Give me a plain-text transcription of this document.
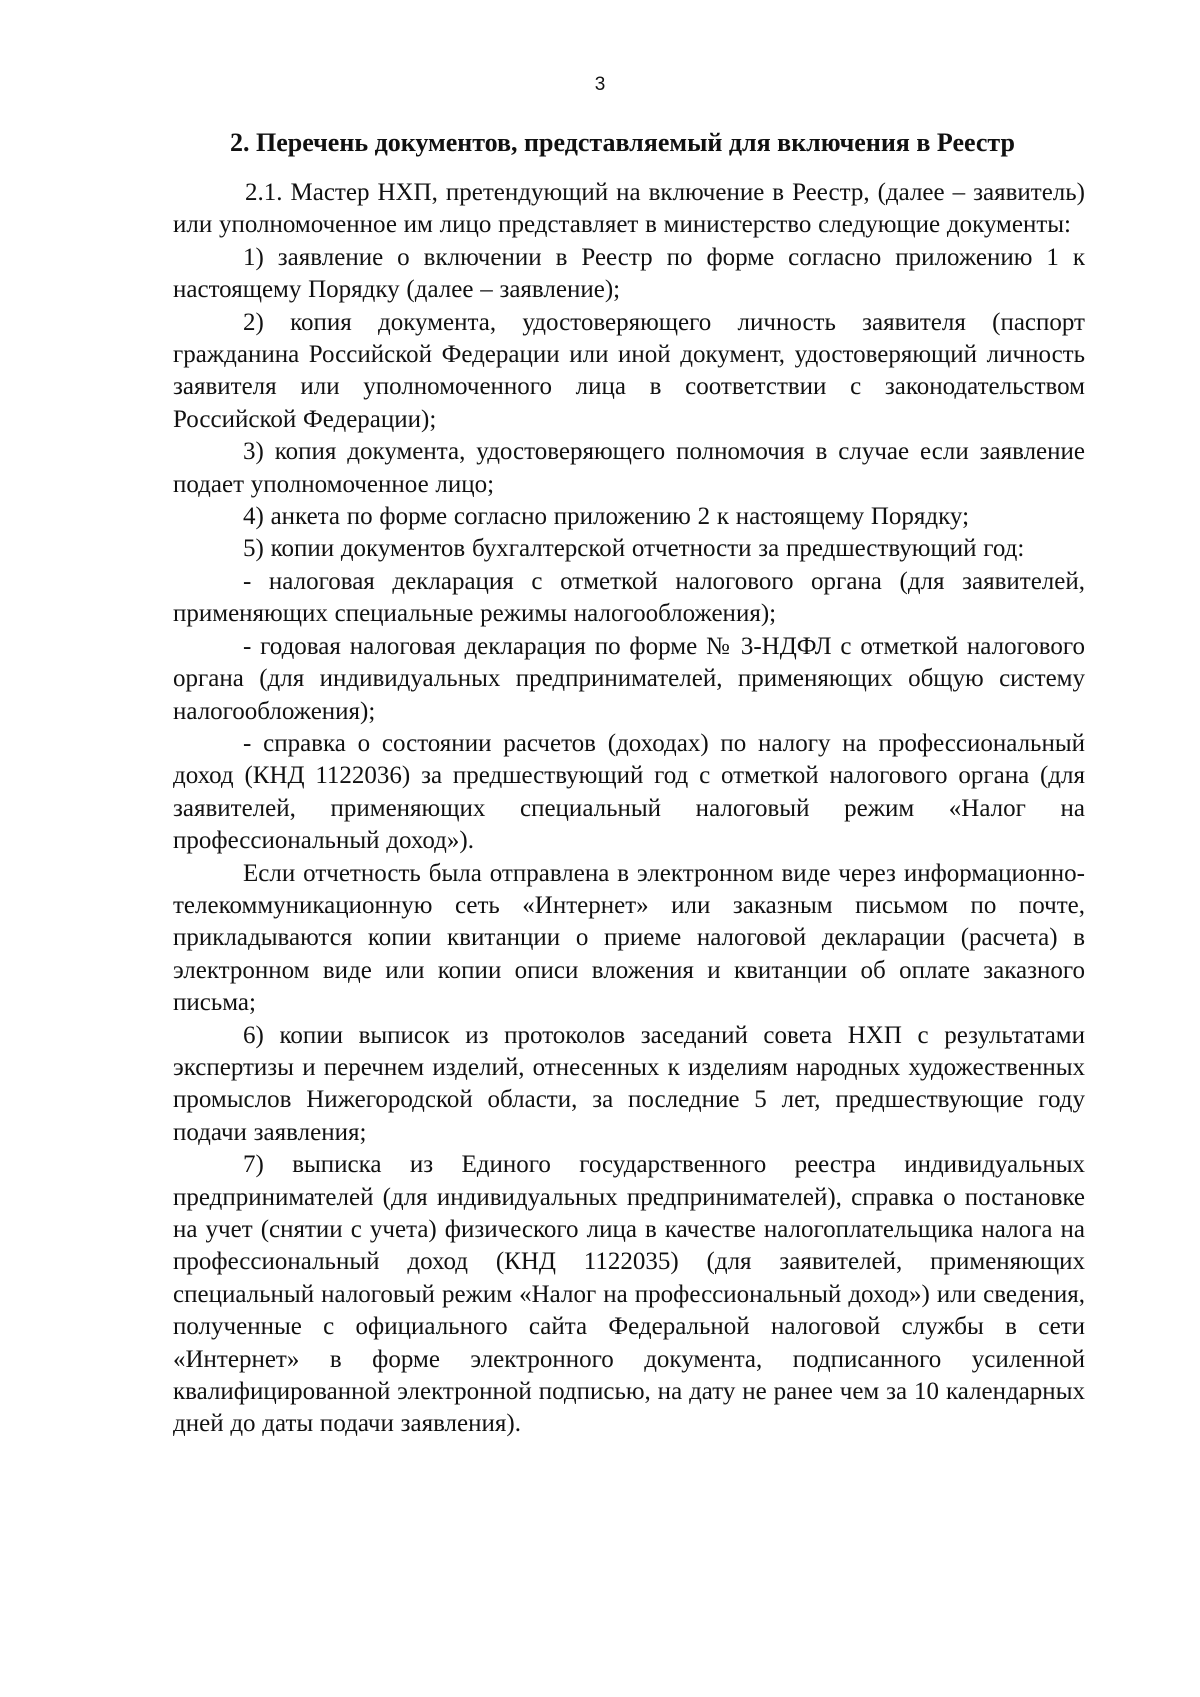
3
2. Перечень документов, представляемый для включения в Реестр

2.1. Мастер НХП, претендующий на включение в Реестр, (далее – заявитель) или уполномоченное им лицо представляет в министерство следующие документы:

1) заявление о включении в Реестр по форме согласно приложению 1 к настоящему Порядку (далее – заявление);

2) копия документа, удостоверяющего личность заявителя (паспорт гражданина Российской Федерации или иной документ, удостоверяющий личность заявителя или уполномоченного лица в соответствии с законодательством Российской Федерации);

3) копия документа, удостоверяющего полномочия в случае если заявление подает уполномоченное лицо;

4) анкета по форме согласно приложению 2 к настоящему Порядку;

5) копии документов бухгалтерской отчетности за предшествующий год:

- налоговая декларация с отметкой налогового органа (для заявителей, применяющих специальные режимы налогообложения);

- годовая налоговая декларация по форме № 3-НДФЛ с отметкой налогового органа (для индивидуальных предпринимателей, применяющих общую систему налогообложения);

- справка о состоянии расчетов (доходах) по налогу на профессиональный доход (КНД 1122036) за предшествующий год с отметкой налогового органа (для заявителей, применяющих специальный налоговый режим «Налог на профессиональный доход»).

Если отчетность была отправлена в электронном виде через информационно-телекоммуникационную сеть «Интернет» или заказным письмом по почте, прикладываются копии квитанции о приеме налоговой декларации (расчета) в электронном виде или копии описи вложения и квитанции об оплате заказного письма;

6) копии выписок из протоколов заседаний совета НХП с результатами экспертизы и перечнем изделий, отнесенных к изделиям народных художественных промыслов Нижегородской области, за последние 5 лет, предшествующие году подачи заявления;

7) выписка из Единого государственного реестра индивидуальных предпринимателей (для индивидуальных предпринимателей), справка о постановке на учет (снятии с учета) физического лица в качестве налогоплательщика налога на профессиональный доход (КНД 1122035) (для заявителей, применяющих специальный налоговый режим «Налог на профессиональный доход») или сведения, полученные с официального сайта Федеральной налоговой службы в сети «Интернет» в форме электронного документа, подписанного усиленной квалифицированной электронной подписью, на дату не ранее чем за 10 календарных дней до даты подачи заявления).
